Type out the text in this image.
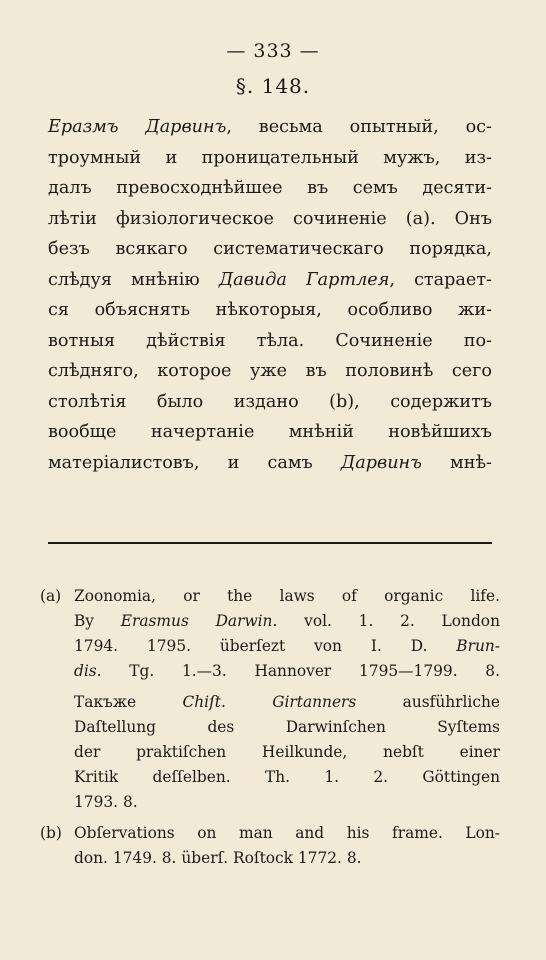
— 333 —
§. 148.
Еразмъ Дарвинъ, весьма опытный, ос-
троумный и проницательный мужъ, из-
далъ превосходнѣйшее въ семъ десяти-
лѣтіи физіологическое сочиненіе (а). Онъ
безъ всякаго систематическаго порядка,
слѣдуя мнѣнію Давида Гартлея, старает-
ся объяснять нѣкоторыя, особливо жи-
вотныя дѣйствія тѣла. Сочиненіе по-
слѣдняго, которое уже въ половинѣ сего
столѣтія было издано (b), содержитъ
вообще начертаніе мнѣній новѣйшихъ
матеріалистовъ, и самъ Дарвинъ мнѣ-
(a) Zoonomia, or the laws of organic life.
By Erasmus Darwin. vol. 1. 2. London
1794. 1795. überſezt von I. D. Brun-
dis. Tg. 1.—3. Hannover 1795—1799. 8.
Такъже Chiſt. Girtanners ausführliche
Daſtellung des Darwinſchen Syſtems
der praktiſchen Heilkunde, nebſt einer
Kritik deſſelben. Th. 1. 2. Göttingen
1793. 8.
(b) Obſervations on man and his frame. Lon-
don. 1749. 8. überſ. Roſtock 1772. 8.
